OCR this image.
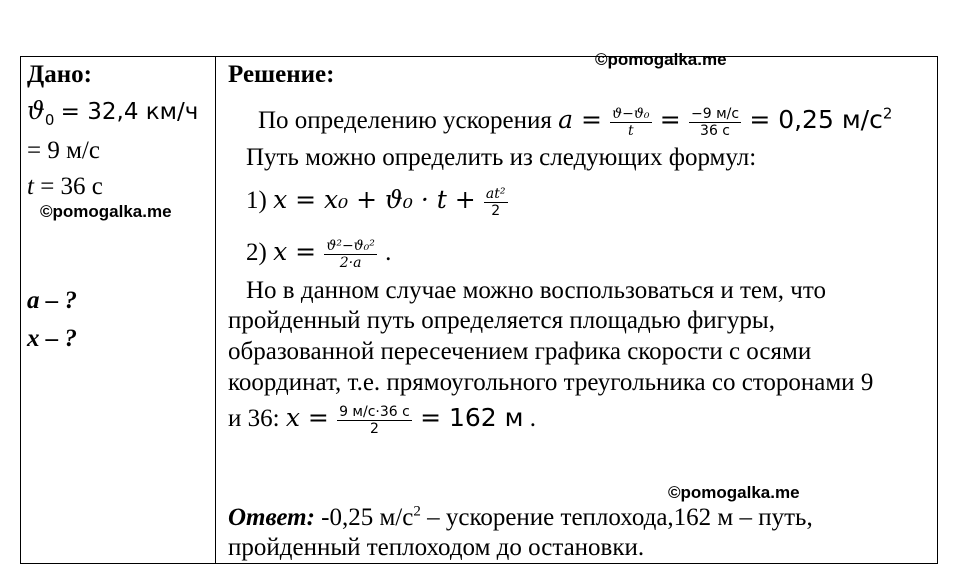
©pomogalka.me
©pomogalka.me
©pomogalka.me
Дано:
$ϑ_0 = 32,4$ км/ч
= 9 м/с
t = 36 с
a – ?
x – ?
Решение:
По определению ускорения $a = \frac{\text{ϑ−ϑ₀}}{t} = \frac{-9 м/с}{36 с} = 0,25$ $м/с^2$
Путь можно определить из следующих формул:
1) $x = x_0 + ϑ_0 \cdot t + \frac{\text{at²}}{2}$
2) $x = \frac{\text{ϑ²−ϑ₀²}}{2\cdot a}$ .
Но в данном случае можно воспользоваться и тем, что
пройденный путь определяется площадью фигуры,
образованной пересечением графика скорости с осями
координат, т.е. прямоугольного треугольника со сторонами 9
и 36: $x = \frac{9 м/с\cdot 36 с}{2} = 162$ м .
Ответ: -0,25 $м/с^2$ – ускорение теплохода,162 м – путь,
пройденный теплоходом до остановки.
